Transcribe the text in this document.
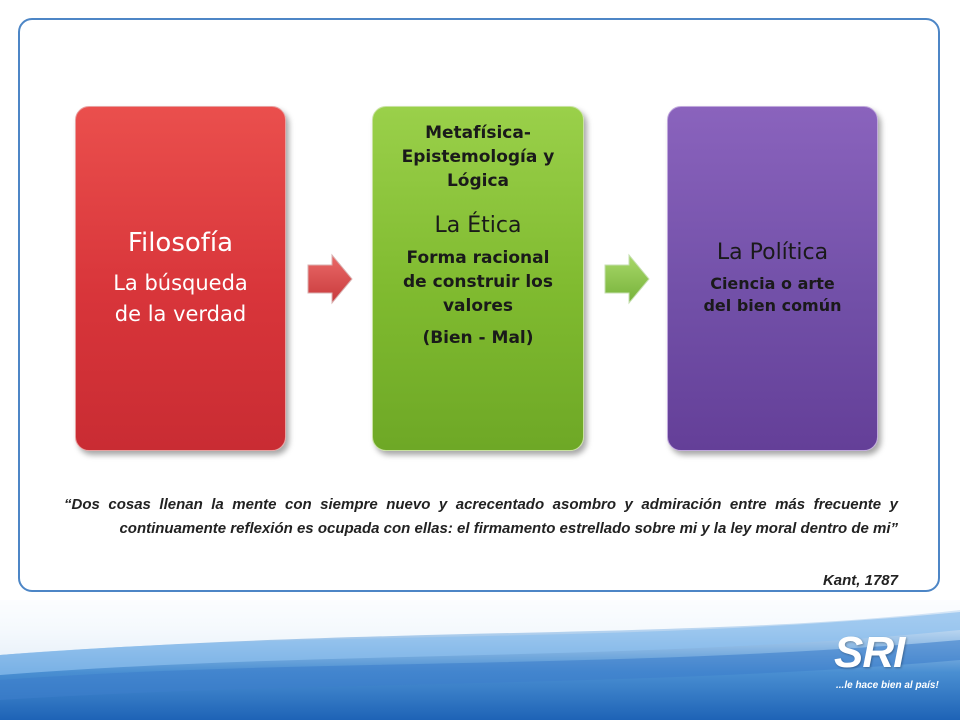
Filosofía
La búsqueda
de la verdad
Metafísica-
Epistemología y
Lógica
La Ética
Forma racional
de construir los
valores
(Bien - Mal)
La Política
Ciencia o arte
del bien común
“Dos cosas llenan la mente con siempre nuevo y acrecentado asombro y admiración entre más frecuente y continuamente reflexión es ocupada con ellas: el firmamento estrellado sobre mi y la ley moral dentro de mi”
Kant, 1787
SRI
...le hace bien al país!
